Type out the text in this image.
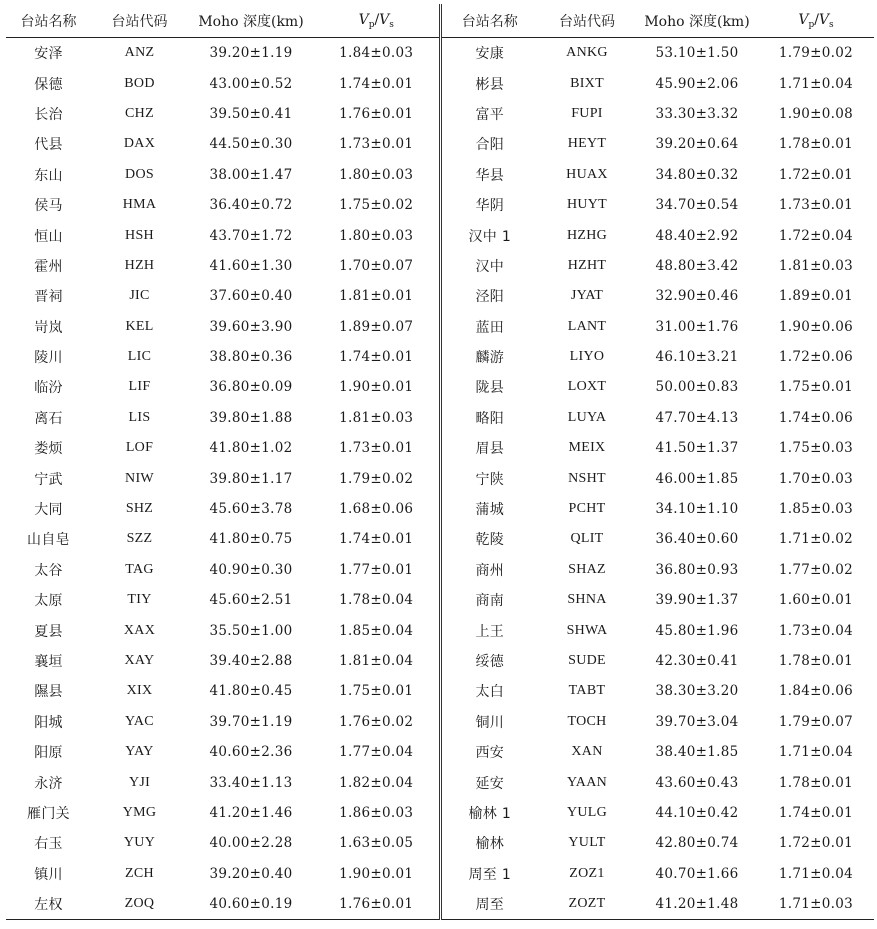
台站名称	台站代码	Moho 深度(km)	$V_p/V_s$	台站名称	台站代码	Moho 深度(km)	$V_p/V_s$
安泽	ANZ	39.20±1.19	1.84±0.03	安康	ANKG	53.10±1.50	1.79±0.02
保德	BOD	43.00±0.52	1.74±0.01	彬县	BIXT	45.90±2.06	1.71±0.04
长治	CHZ	39.50±0.41	1.76±0.01	富平	FUPI	33.30±3.32	1.90±0.08
代县	DAX	44.50±0.30	1.73±0.01	合阳	HEYT	39.20±0.64	1.78±0.01
东山	DOS	38.00±1.47	1.80±0.03	华县	HUAX	34.80±0.32	1.72±0.01
侯马	HMA	36.40±0.72	1.75±0.02	华阴	HUYT	34.70±0.54	1.73±0.01
恒山	HSH	43.70±1.72	1.80±0.03	汉中 1	HZHG	48.40±2.92	1.72±0.04
霍州	HZH	41.60±1.30	1.70±0.07	汉中	HZHT	48.80±3.42	1.81±0.03
晋祠	JIC	37.60±0.40	1.81±0.01	泾阳	JYAT	32.90±0.46	1.89±0.01
岢岚	KEL	39.60±3.90	1.89±0.07	蓝田	LANT	31.00±1.76	1.90±0.06
陵川	LIC	38.80±0.36	1.74±0.01	麟游	LIYO	46.10±3.21	1.72±0.06
临汾	LIF	36.80±0.09	1.90±0.01	陇县	LOXT	50.00±0.83	1.75±0.01
离石	LIS	39.80±1.88	1.81±0.03	略阳	LUYA	47.70±4.13	1.74±0.06
娄烦	LOF	41.80±1.02	1.73±0.01	眉县	MEIX	41.50±1.37	1.75±0.03
宁武	NIW	39.80±1.17	1.79±0.02	宁陕	NSHT	46.00±1.85	1.70±0.03
大同	SHZ	45.60±3.78	1.68±0.06	蒲城	PCHT	34.10±1.10	1.85±0.03
山自皂	SZZ	41.80±0.75	1.74±0.01	乾陵	QLIT	36.40±0.60	1.71±0.02
太谷	TAG	40.90±0.30	1.77±0.01	商州	SHAZ	36.80±0.93	1.77±0.02
太原	TIY	45.60±2.51	1.78±0.04	商南	SHNA	39.90±1.37	1.60±0.01
夏县	XAX	35.50±1.00	1.85±0.04	上王	SHWA	45.80±1.96	1.73±0.04
襄垣	XAY	39.40±2.88	1.81±0.04	绥德	SUDE	42.30±0.41	1.78±0.01
隰县	XIX	41.80±0.45	1.75±0.01	太白	TABT	38.30±3.20	1.84±0.06
阳城	YAC	39.70±1.19	1.76±0.02	铜川	TOCH	39.70±3.04	1.79±0.07
阳原	YAY	40.60±2.36	1.77±0.04	西安	XAN	38.40±1.85	1.71±0.04
永济	YJI	33.40±1.13	1.82±0.04	延安	YAAN	43.60±0.43	1.78±0.01
雁门关	YMG	41.20±1.46	1.86±0.03	榆林 1	YULG	44.10±0.42	1.74±0.01
右玉	YUY	40.00±2.28	1.63±0.05	榆林	YULT	42.80±0.74	1.72±0.01
镇川	ZCH	39.20±0.40	1.90±0.01	周至 1	ZOZ1	40.70±1.66	1.71±0.04
左权	ZOQ	40.60±0.19	1.76±0.01	周至	ZOZT	41.20±1.48	1.71±0.03
